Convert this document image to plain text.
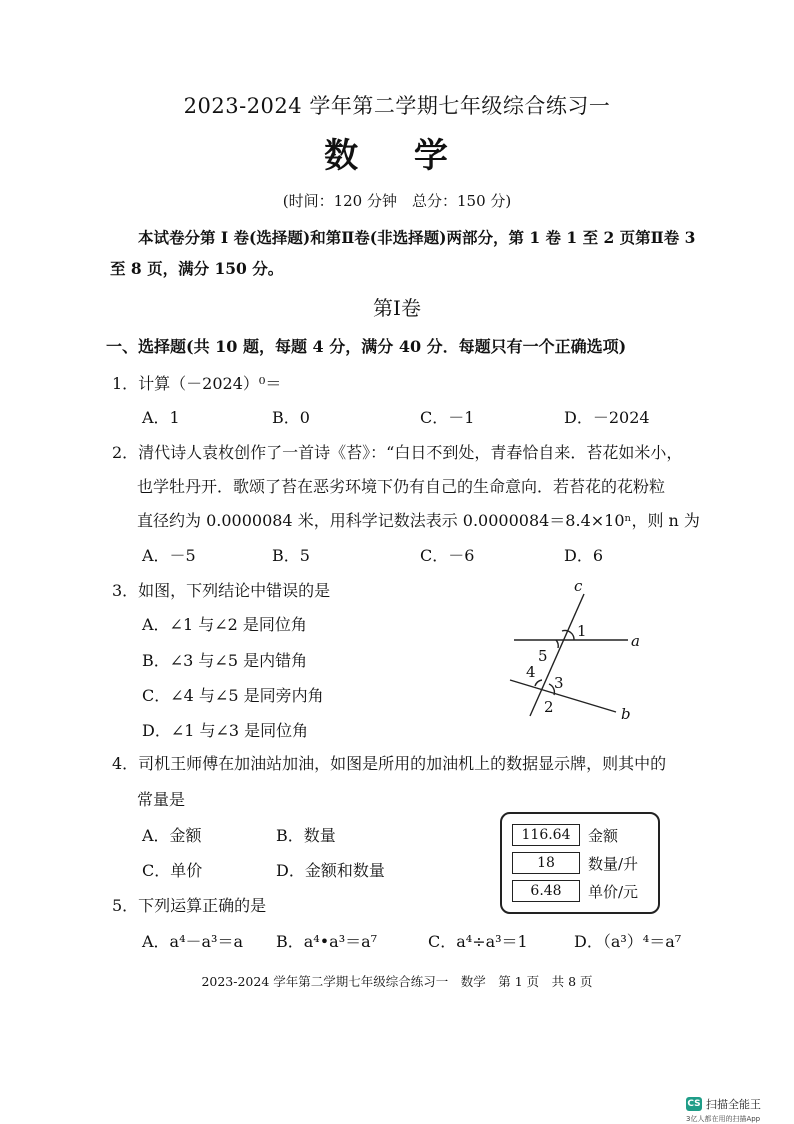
2023-2024 学年第二学期七年级综合练习一
数 学
(时间：120 分钟　总分：150 分)
本试卷分第 I 卷(选择题)和第Ⅱ卷(非选择题)两部分，第 1 卷 1 至 2 页第Ⅱ卷 3 至 8 页，满分 150 分。
第I卷
一、选择题(共 10 题，每题 4 分，满分 40 分．每题只有一个正确选项)
1．计算（－2024）⁰＝
A．1	B．0	C．－1	D．－2024
2．清代诗人袁枚创作了一首诗《苔》：“白日不到处，青春恰自来．苔花如米小，
也学牡丹开．歌颂了苔在恶劣环境下仍有自己的生命意向．若苔花的花粉粒
直径约为 0.0000084 米，用科学记数法表示 0.0000084＝8.4×10ⁿ，则 n 为
A．－5	B．5	C．－6	D．6
3．如图，下列结论中错误的是
A．∠1 与∠2 是同位角
B．∠3 与∠5 是内错角
C．∠4 与∠5 是同旁内角
D．∠1 与∠3 是同位角
c
a
b
1
5
4
3
2
4．司机王师傅在加油站加油，如图是所用的加油机上的数据显示牌，则其中的
常量是
A．金额	B．数量
C．单价	D．金额和数量
116.64	金额
18	数量/升
6.48	单价/元
5．下列运算正确的是
A．a⁴－a³＝a B．a⁴•a³＝a⁷	C．a⁴÷a³＝1	D．（a³）⁴＝a⁷
2023-2024 学年第二学期七年级综合练习一　数学　第 1 页　共 8 页
CS 扫描全能王
3亿人都在用的扫描App
